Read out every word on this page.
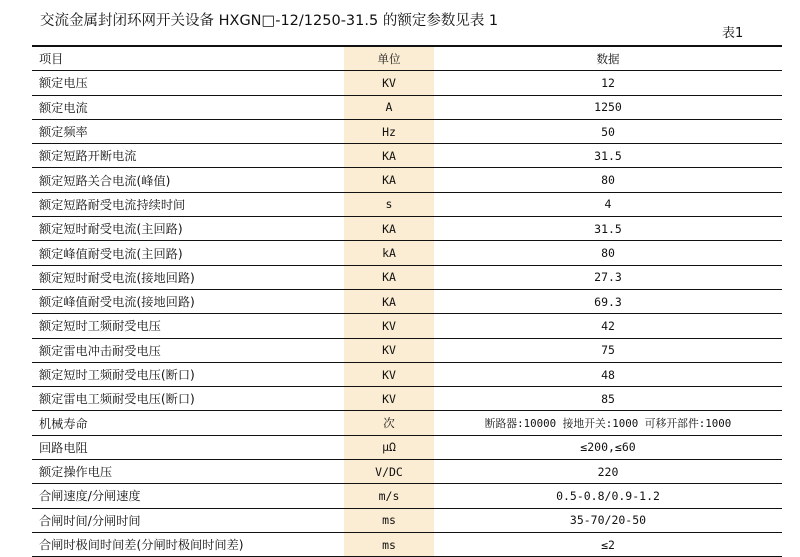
交流金属封闭环网开关设备 HXGN□-12/1250-31.5 的额定参数见表 1
表1
项目	单位	数据
额定电压	KV	12
额定电流	A	1250
额定频率	Hz	50
额定短路开断电流	KA	31.5
额定短路关合电流(峰值)	KA	80
额定短路耐受电流持续时间	s	4
额定短时耐受电流(主回路)	KA	31.5
额定峰值耐受电流(主回路)	kA	80
额定短时耐受电流(接地回路)	KA	27.3
额定峰值耐受电流(接地回路)	KA	69.3
额定短时工频耐受电压	KV	42
额定雷电冲击耐受电压	KV	75
额定短时工频耐受电压(断口)	KV	48
额定雷电工频耐受电压(断口)	KV	85
机械寿命	次	断路器:10000 接地开关:1000 可移开部件:1000
回路电阻	μΩ	≤200,≤60
额定操作电压	V/DC	220
合闸速度/分闸速度	m/s	0.5-0.8/0.9-1.2
合闸时间/分闸时间	ms	35-70/20-50
合闸时极间时间差(分闸时极间时间差)	ms	≤2
